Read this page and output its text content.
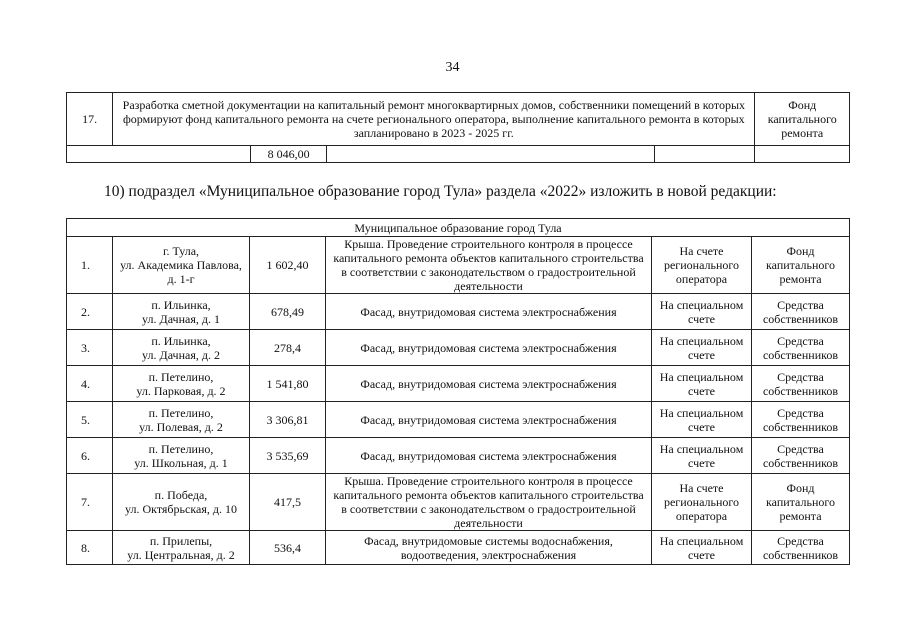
34
17.	Разработка сметной документации на капитальный ремонт многоквартирных домов, собственники помещений в которых формируют фонд капитального ремонта на счете регионального оператора, выполнение капитального ремонта в которых запланировано в 2023 - 2025 гг.				Фонд капитального ремонта
		8 046,00			
10) подраздел «Муниципальное образование город Тула» раздела «2022» изложить в новой редакции:
Муниципальное образование город Тула					
1.	г. Тула,
ул. Академика Павлова,
д. 1-г	1 602,40	Крыша. Проведение строительного контроля в процессе капитального ремонта объектов капитального строительства в соответствии с законодательством о градостроительной деятельности	На счете регионального оператора	Фонд капитального ремонта
2.	п. Ильинка,
ул. Дачная, д. 1	678,49	Фасад, внутридомовая система электроснабжения	На специальном счете	Средства собственников
3.	п. Ильинка,
ул. Дачная, д. 2	278,4	Фасад, внутридомовая система электроснабжения	На специальном счете	Средства собственников
4.	п. Петелино,
ул. Парковая, д. 2	1 541,80	Фасад, внутридомовая система электроснабжения	На специальном счете	Средства собственников
5.	п. Петелино,
ул. Полевая, д. 2	3 306,81	Фасад, внутридомовая система электроснабжения	На специальном счете	Средства собственников
6.	п. Петелино,
ул. Школьная, д. 1	3 535,69	Фасад, внутридомовая система электроснабжения	На специальном счете	Средства собственников
7.	п. Победа,
ул. Октябрьская, д. 10	417,5	Крыша. Проведение строительного контроля в процессе капитального ремонта объектов капитального строительства в соответствии с законодательством о градостроительной деятельности	На счете регионального оператора	Фонд капитального ремонта
8.	п. Прилепы,
ул. Центральная, д. 2	536,4	Фасад, внутридомовые системы водоснабжения, водоотведения, электроснабжения	На специальном счете	Средства собственников
